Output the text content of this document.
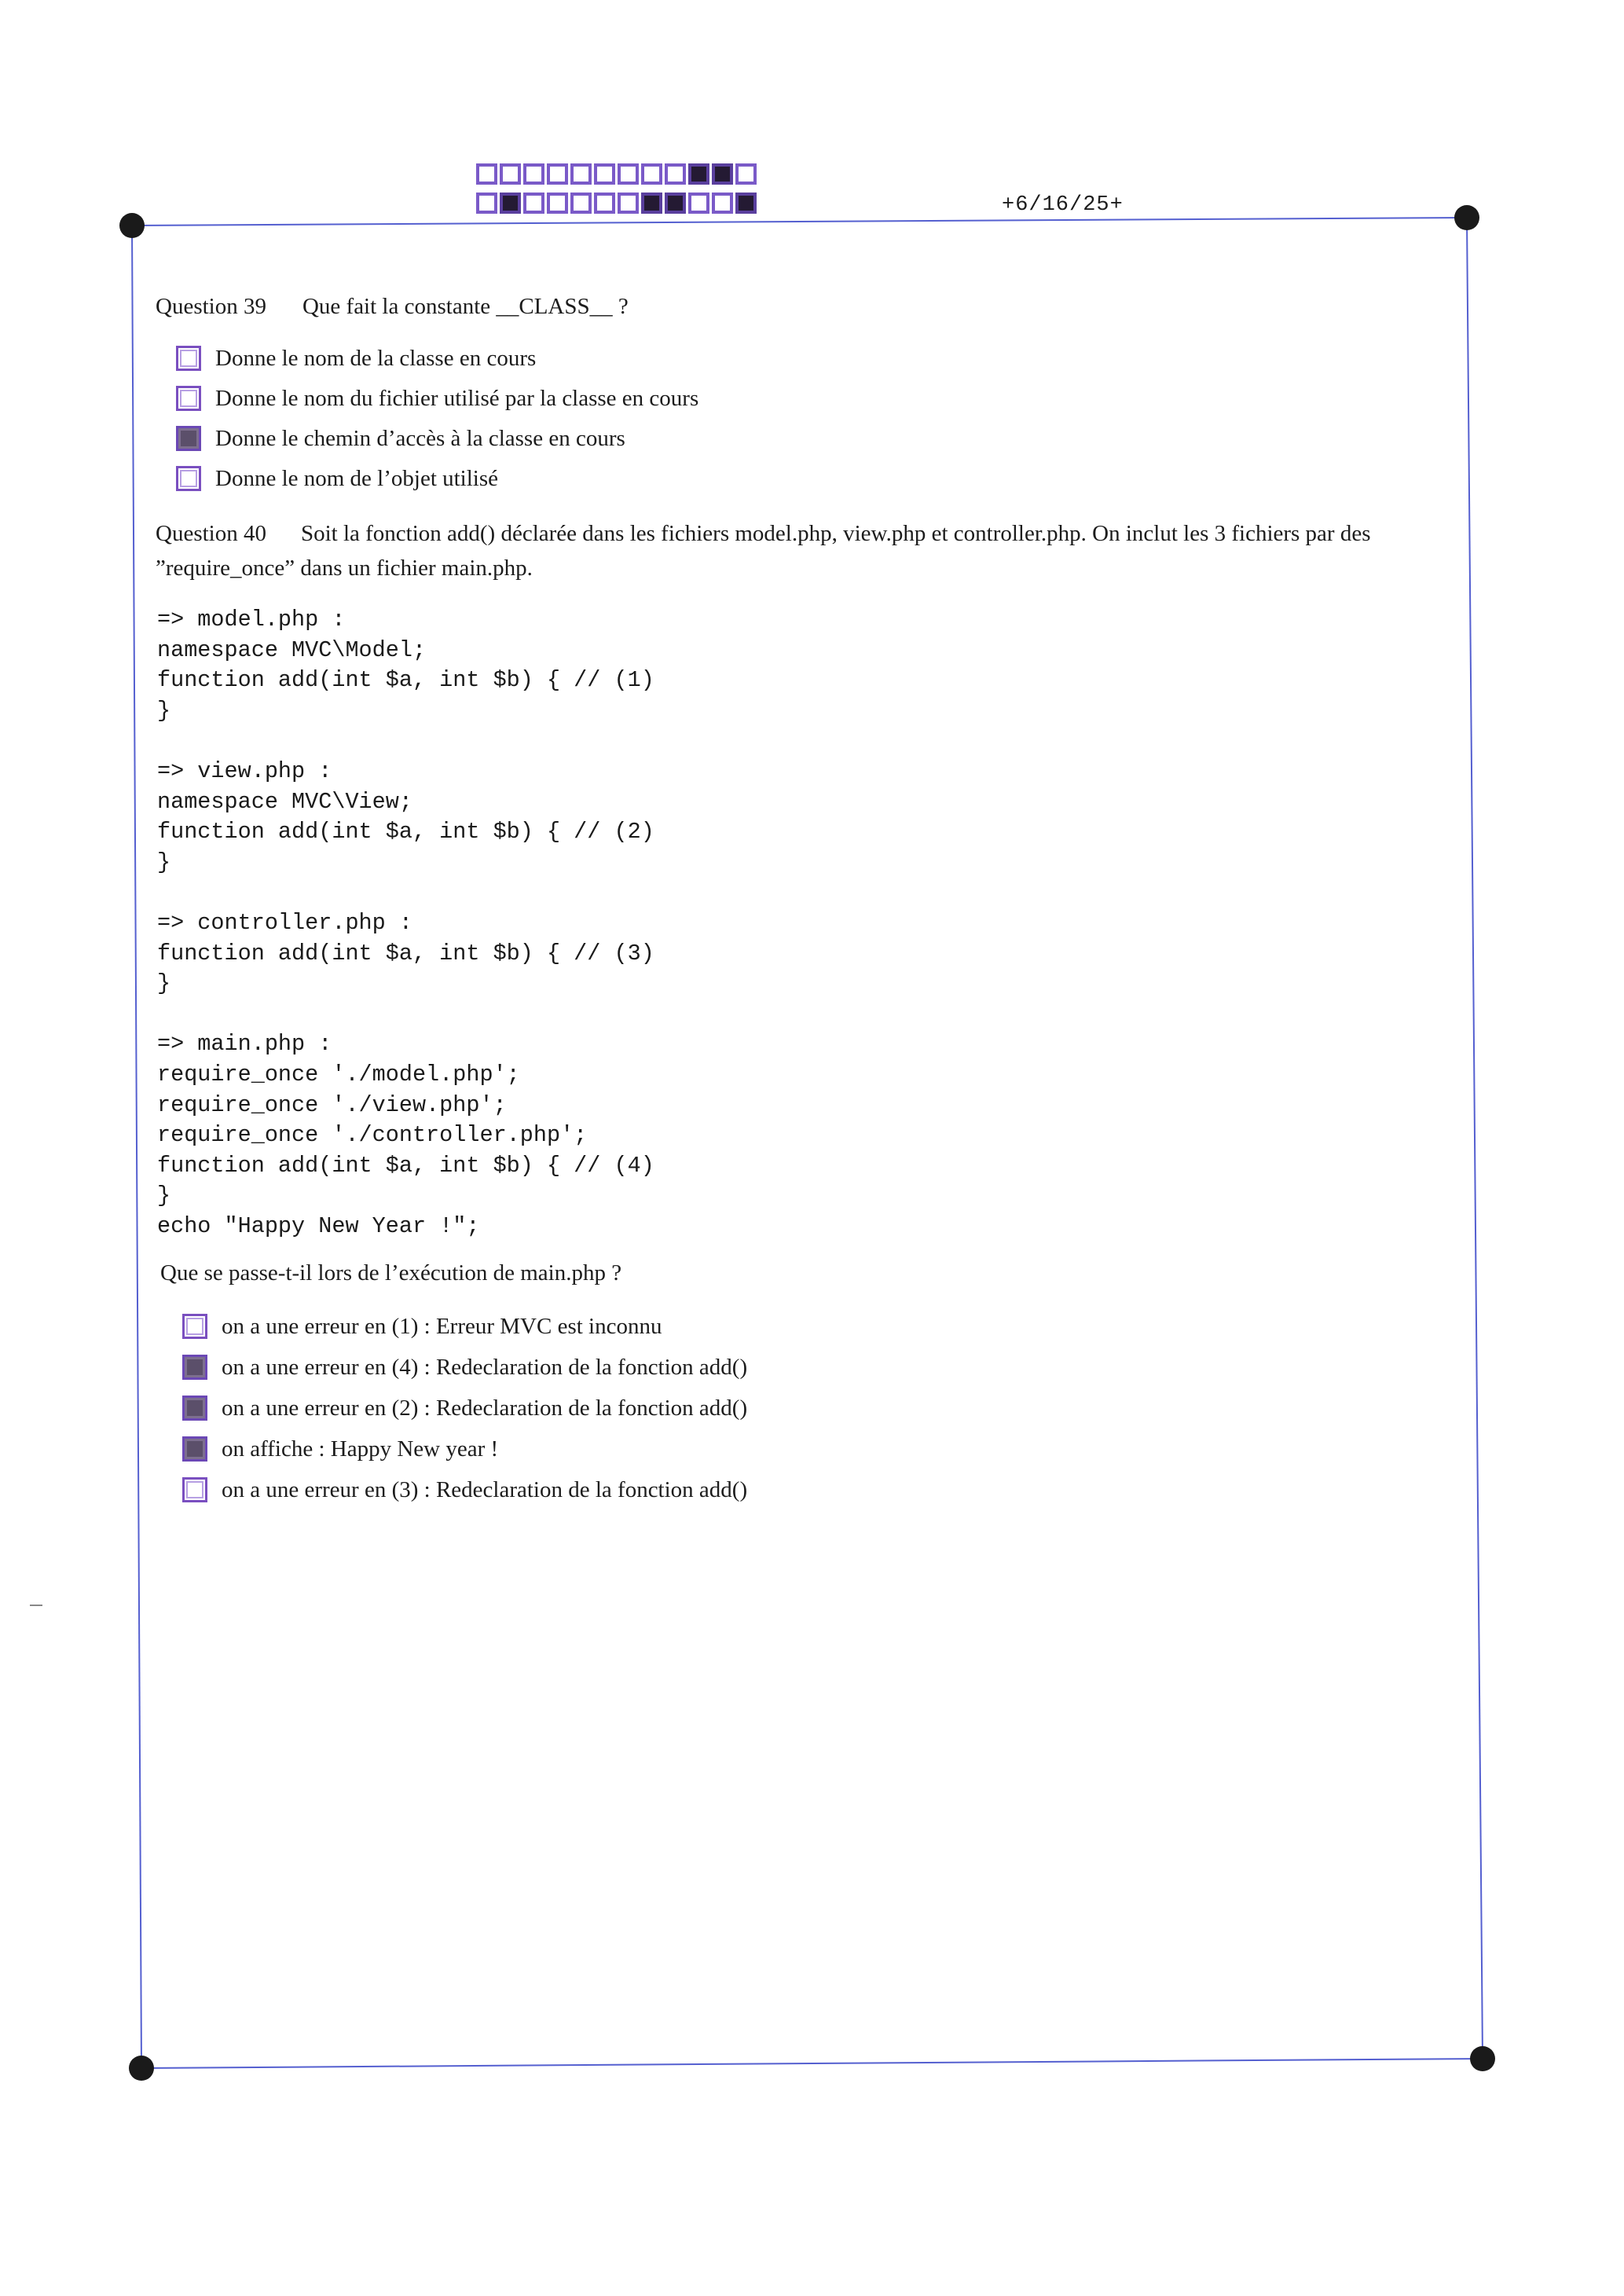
+6/16/25+
Question 39 Que fait la constante __CLASS__ ?
Donne le nom de la classe en cours
Donne le nom du fichier utilisé par la classe en cours
Donne le chemin d’accès à la classe en cours
Donne le nom de l’objet utilisé
Question 40 Soit la fonction add() déclarée dans les fichiers model.php, view.php et controller.php. On inclut les 3 fichiers par des ”require_once” dans un fichier main.php.
=> model.php :
namespace MVC\Model;
function add(int $a, int $b) { // (1)
}

=> view.php :
namespace MVC\View;
function add(int $a, int $b) { // (2)
}

=> controller.php :
function add(int $a, int $b) { // (3)
}

=> main.php :
require_once './model.php';
require_once './view.php';
require_once './controller.php';
function add(int $a, int $b) { // (4)
}
echo "Happy New Year !";
Que se passe-t-il lors de l’exécution de main.php ?
on a une erreur en (1) : Erreur MVC est inconnu
on a une erreur en (4) : Redeclaration de la fonction add()
on a une erreur en (2) : Redeclaration de la fonction add()
on affiche : Happy New year !
on a une erreur en (3) : Redeclaration de la fonction add()
